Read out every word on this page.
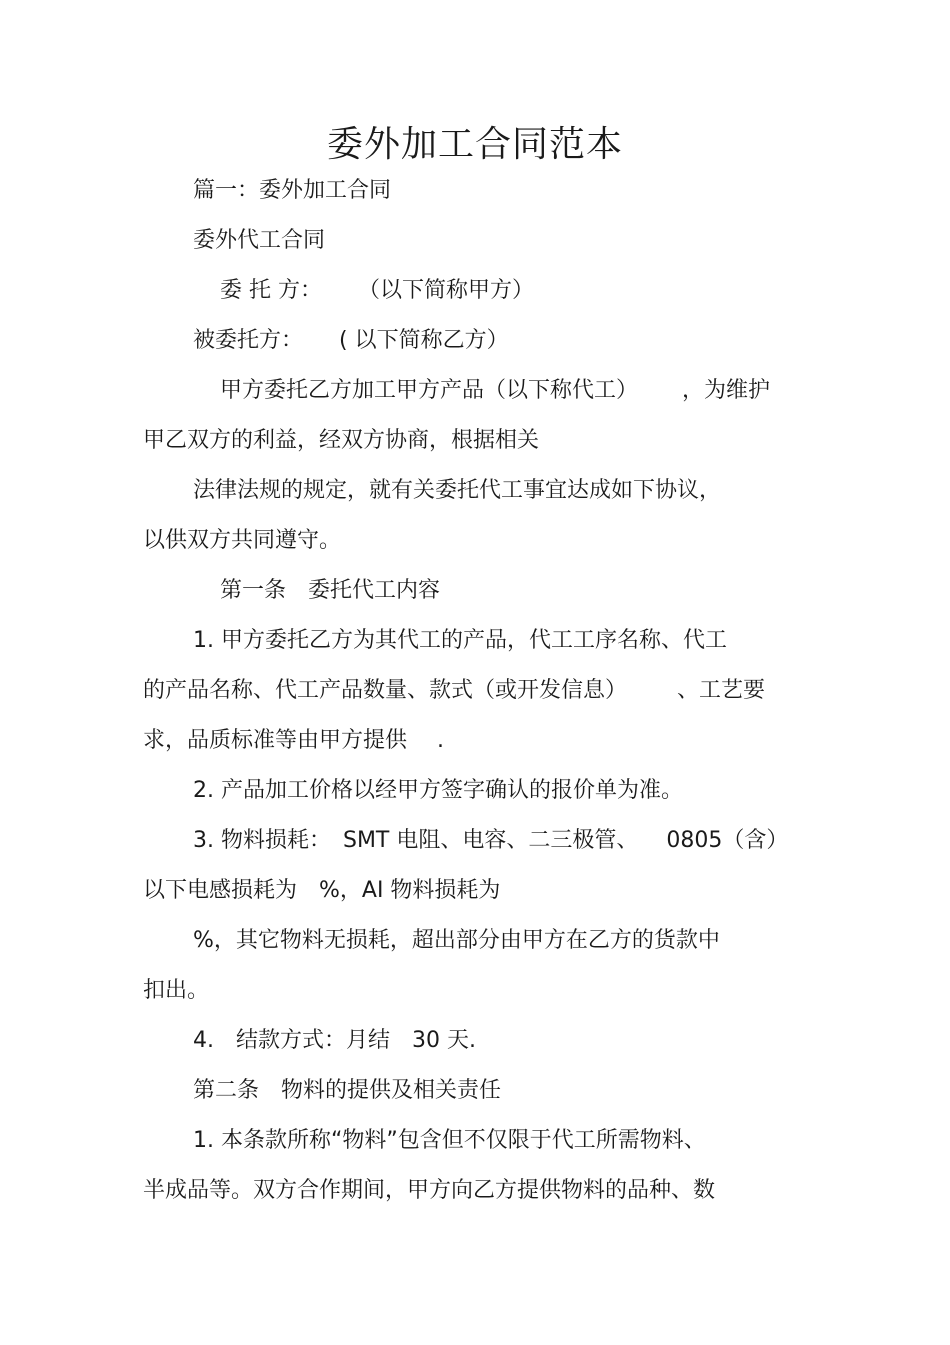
委外加工合同范本
篇一：委外加工合同
委外代工合同
委 托 方： （以下简称甲方）
被委托方： ( 以下简称乙方）
甲方委托乙方加工甲方产品（以下称代工） ，为维护
甲乙双方的利益，经双方协商，根据相关
法律法规的规定，就有关委托代工事宜达成如下协议，
以供双方共同遵守。
第一条　委托代工内容
1. 甲方委托乙方为其代工的产品，代工工序名称、代工
的产品名称、代工产品数量、款式（或开发信息） 、工艺要
求，品质标准等由甲方提供 .
2. 产品加工价格以经甲方签字确认的报价单为准。
3. 物料损耗： SMT 电阻、电容、二三极管、 0805（含）
以下电感损耗为　%，AI 物料损耗为
%，其它物料无损耗，超出部分由甲方在乙方的货款中
扣出。
4.　结款方式：月结　30 天.
第二条　物料的提供及相关责任
1. 本条款所称“物料”包含但不仅限于代工所需物料、
半成品等。双方合作期间，甲方向乙方提供物料的品种、数
